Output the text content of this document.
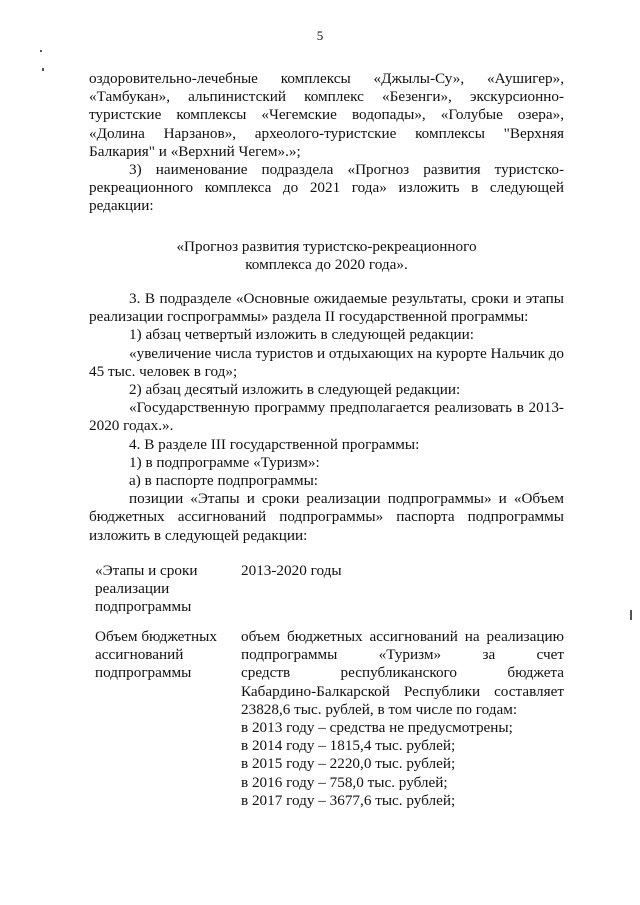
5

оздоровительно-лечебные комплексы «Джылы-Су», «Аушигер», «Тамбукан», альпинистский комплекс «Безенги», экскурсионно-туристские комплексы «Чегемские водопады», «Голубые озера», «Долина Нарзанов», археолого-туристские комплексы "Верхняя Балкария" и «Верхний Чегем».»;

3) наименование подраздела «Прогноз развития туристско-рекреационного комплекса до 2021 года» изложить в следующей редакции:

«Прогноз развития туристско-рекреационного

комплекса до 2020 года».

3. В подразделе «Основные ожидаемые результаты, сроки и этапы реализации госпрограммы» раздела II государственной программы:

1) абзац четвертый изложить в следующей редакции:

«увеличение числа туристов и отдыхающих на курорте Нальчик до 45 тыс. человек в год»;

2) абзац десятый изложить в следующей редакции:

«Государственную программу предполагается реализовать в 2013-2020 годах.».

4. В разделе III государственной программы:

1) в подпрограмме «Туризм»:

а) в паспорте подпрограммы:

позиции «Этапы и сроки реализации подпрограммы» и «Объем бюджетных ассигнований подпрограммы» паспорта подпрограммы изложить в следующей редакции:

«Этапы и сроки
реализации
подпрограммы
2013-2020 годы
Объем бюджетных
ассигнований
подпрограммы
объем бюджетных ассигнований на реализацию
подпрограммы «Туризм» за счет
средств республиканского бюджета
Кабардино-Балкарской Республики составляет
23828,6 тыс. рублей, в том числе по годам:
в 2013 году – средства не предусмотрены;
в 2014 году – 1815,4 тыс. рублей;
в 2015 году – 2220,0 тыс. рублей;
в 2016 году – 758,0 тыс. рублей;
в 2017 году – 3677,6 тыс. рублей;
